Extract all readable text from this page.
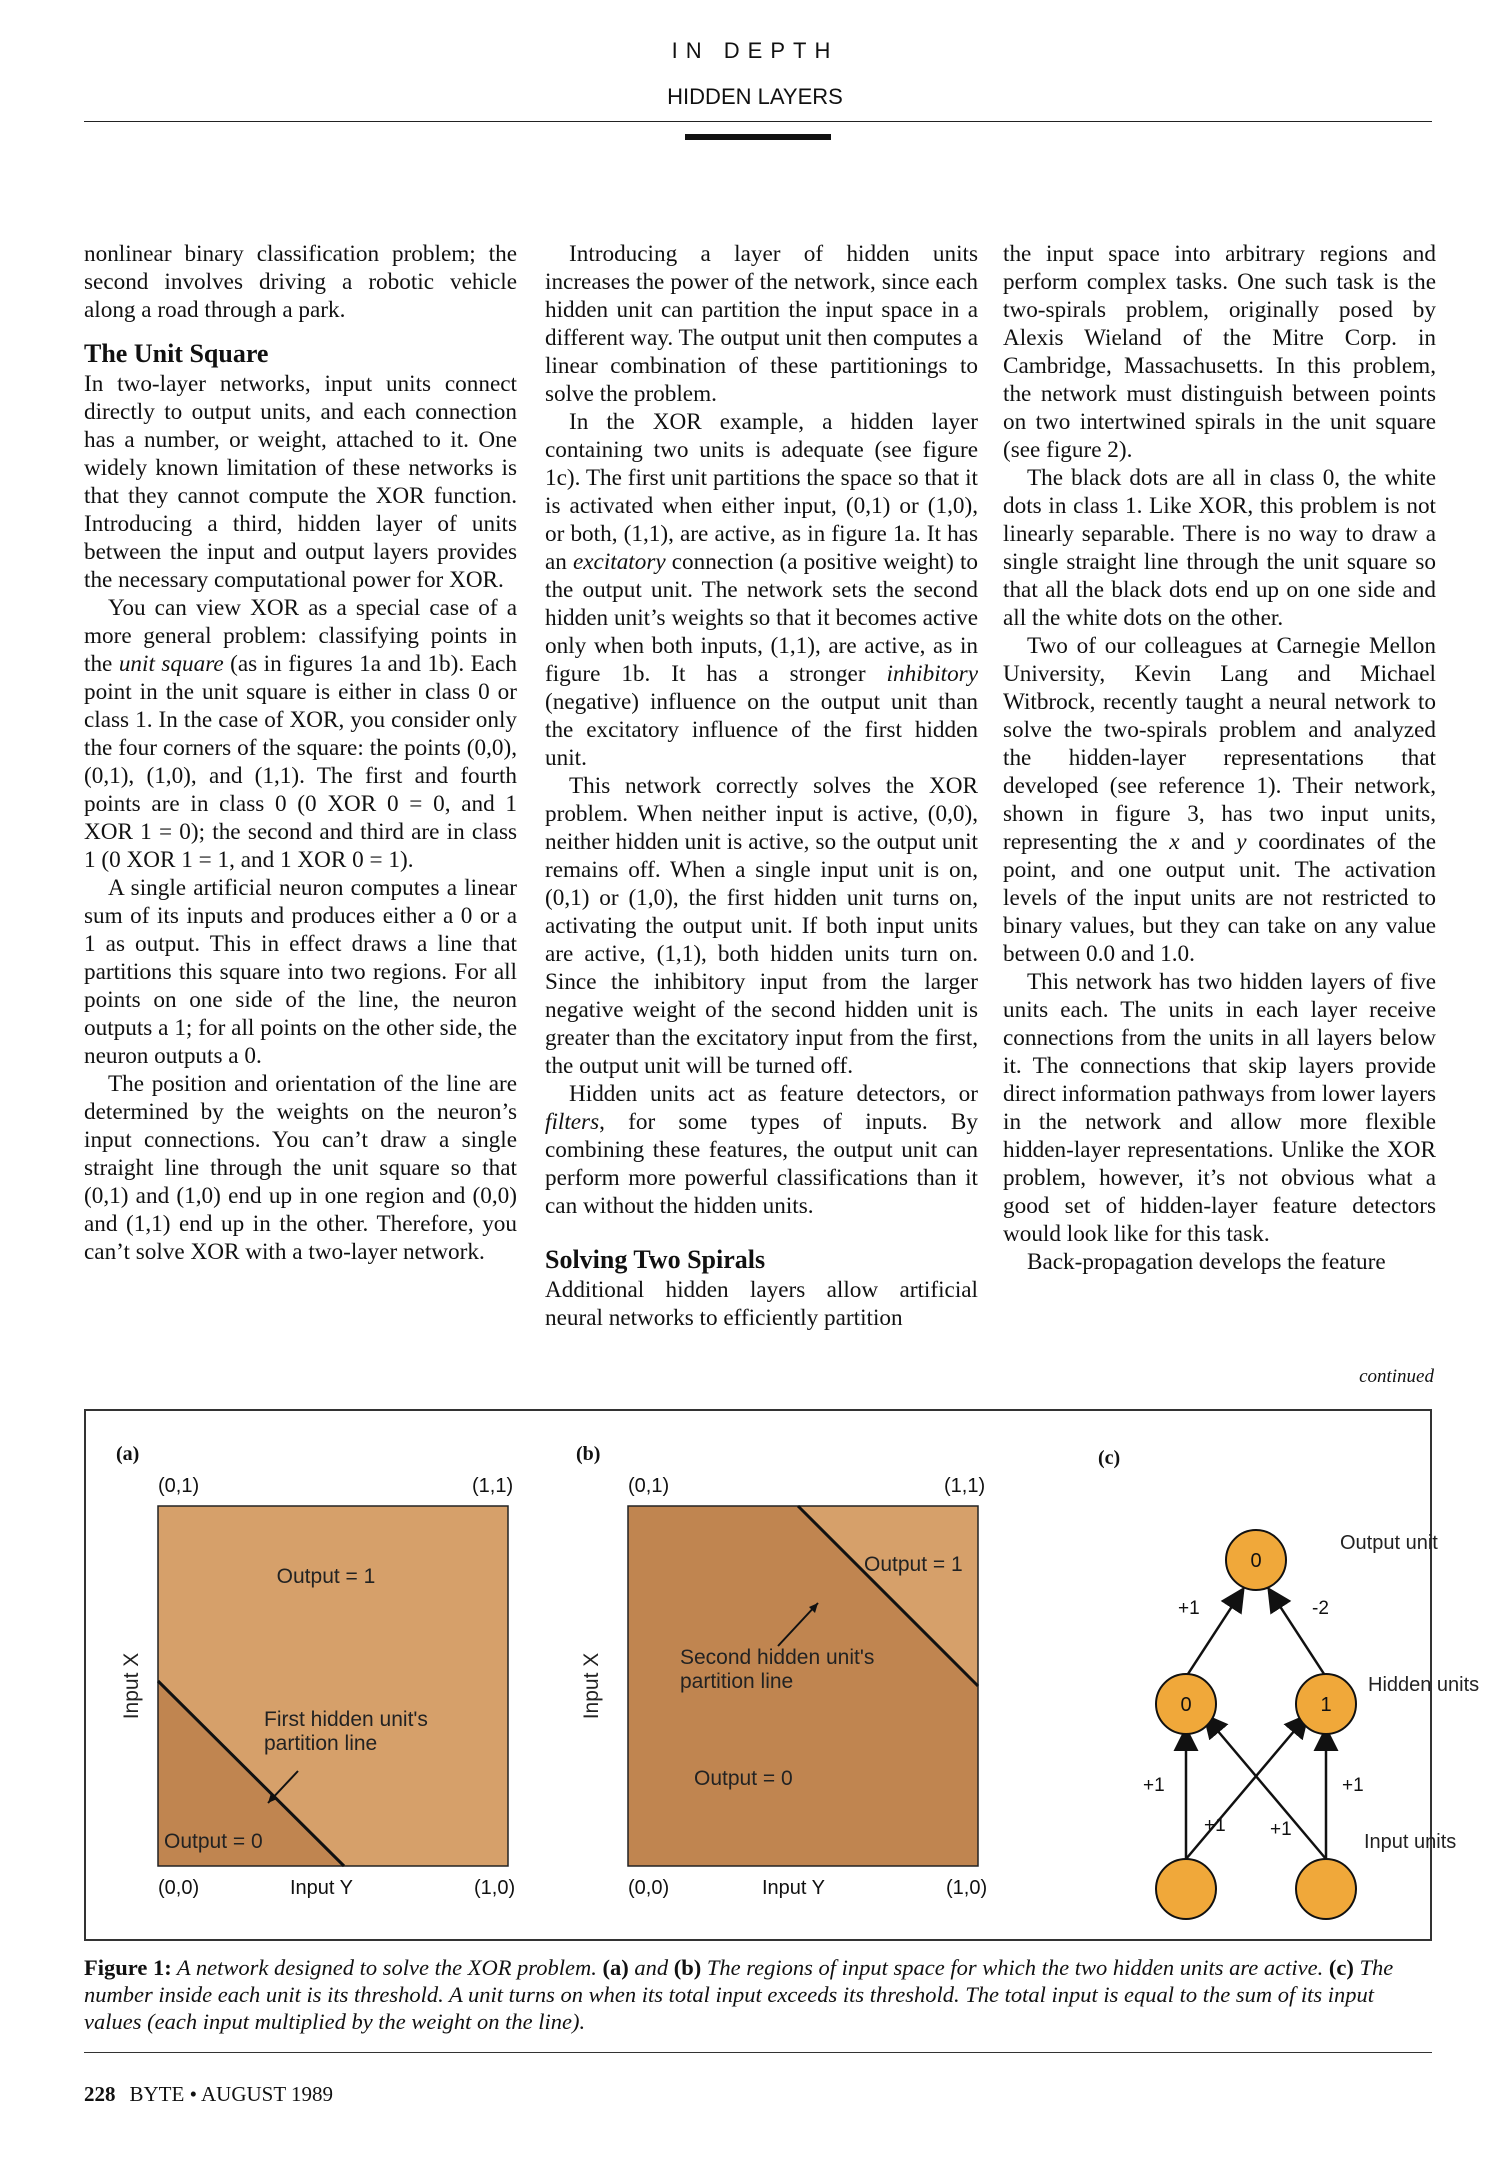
IN DEPTH
HIDDEN LAYERS

nonlinear binary classification problem; the second involves driving a robotic vehicle along a road through a park.

The Unit Square

In two-layer networks, input units connect directly to output units, and each connection has a number, or weight, attached to it. One widely known limitation of these networks is that they cannot compute the XOR function. Introducing a third, hidden layer of units between the input and output layers provides the necessary computational power for XOR.

You can view XOR as a special case of a more general problem: classifying points in the unit square (as in figures 1a and 1b). Each point in the unit square is either in class 0 or class 1. In the case of XOR, you consider only the four corners of the square: the points (0,0), (0,1), (1,0), and (1,1). The first and fourth points are in class 0 (0 XOR 0 = 0, and 1 XOR 1 = 0); the second and third are in class 1 (0 XOR 1 = 1, and 1 XOR 0 = 1).

A single artificial neuron computes a linear sum of its inputs and produces either a 0 or a 1 as output. This in effect draws a line that partitions this square into two regions. For all points on one side of the line, the neuron outputs a 1; for all points on the other side, the neuron outputs a 0.

The position and orientation of the line are determined by the weights on the neuron’s input connections. You can’t draw a single straight line through the unit square so that (0,1) and (1,0) end up in one region and (0,0) and (1,1) end up in the other. Therefore, you can’t solve XOR with a two-layer network.

Introducing a layer of hidden units increases the power of the network, since each hidden unit can partition the input space in a different way. The output unit then computes a linear combination of these partitionings to solve the problem.

In the XOR example, a hidden layer containing two units is adequate (see figure 1c). The first unit partitions the space so that it is activated when either input, (0,1) or (1,0), or both, (1,1), are active, as in figure 1a. It has an excitatory connection (a positive weight) to the output unit. The network sets the second hidden unit’s weights so that it becomes active only when both inputs, (1,1), are active, as in figure 1b. It has a stronger inhibitory (negative) influence on the output unit than the excitatory influence of the first hidden unit.

This network correctly solves the XOR problem. When neither input is active, (0,0), neither hidden unit is active, so the output unit remains off. When a single input unit is on, (0,1) or (1,0), the first hidden unit turns on, activating the output unit. If both input units are active, (1,1), both hidden units turn on. Since the inhibitory input from the larger negative weight of the second hidden unit is greater than the excitatory input from the first, the output unit will be turned off.

Hidden units act as feature detectors, or filters, for some types of inputs. By combining these features, the output unit can perform more powerful classifications than it can without the hidden units.

Solving Two Spirals

Additional hidden layers allow artificial neural networks to efficiently partition

the input space into arbitrary regions and perform complex tasks. One such task is the two-spirals problem, originally posed by Alexis Wieland of the Mitre Corp. in Cambridge, Massachusetts. In this problem, the network must distinguish between points on two intertwined spirals in the unit square (see figure 2).

The black dots are all in class 0, the white dots in class 1. Like XOR, this problem is not linearly separable. There is no way to draw a single straight line through the unit square so that all the black dots end up on one side and all the white dots on the other.

Two of our colleagues at Carnegie Mellon University, Kevin Lang and Michael Witbrock, recently taught a neural network to solve the two-spirals problem and analyzed the hidden-layer representations that developed (see reference 1). Their network, shown in figure 3, has two input units, representing the x and y coordinates of the point, and one output unit. The activation levels of the input units are not restricted to binary values, but they can take on any value between 0.0 and 1.0.

This network has two hidden layers of five units each. The units in each layer receive connections from the units in all layers below it. The connections that skip layers provide direct information pathways from lower layers in the network and allow more flexible hidden-layer representations. Unlike the XOR problem, however, it’s not obvious what a good set of hidden-layer feature detectors would look like for this task.

Back-propagation develops the feature

continued
(a)
(0,1)	(1,1)
(0,0)	(1,0)
Input Y
Output = 1
First hidden unit's
partition line
Output = 0
Input X
(b)
(0,1)	(1,1)
(0,0)	(1,0)
Input Y
Output = 1
Second hidden unit's
partition line
Output = 0
Input X
(c)
0
0	1
+1	-2
+1	+1
+1 +1
Output unit
Hidden units
Input units
Figure 1: A network designed to solve the XOR problem. (a) and (b) The regions of input space for which the two hidden units are active. (c) The number inside each unit is its threshold. A unit turns on when its total input exceeds its threshold. The total input is equal to the sum of its input values (each input multiplied by the weight on the line).
228 BYTE • AUGUST 1989
